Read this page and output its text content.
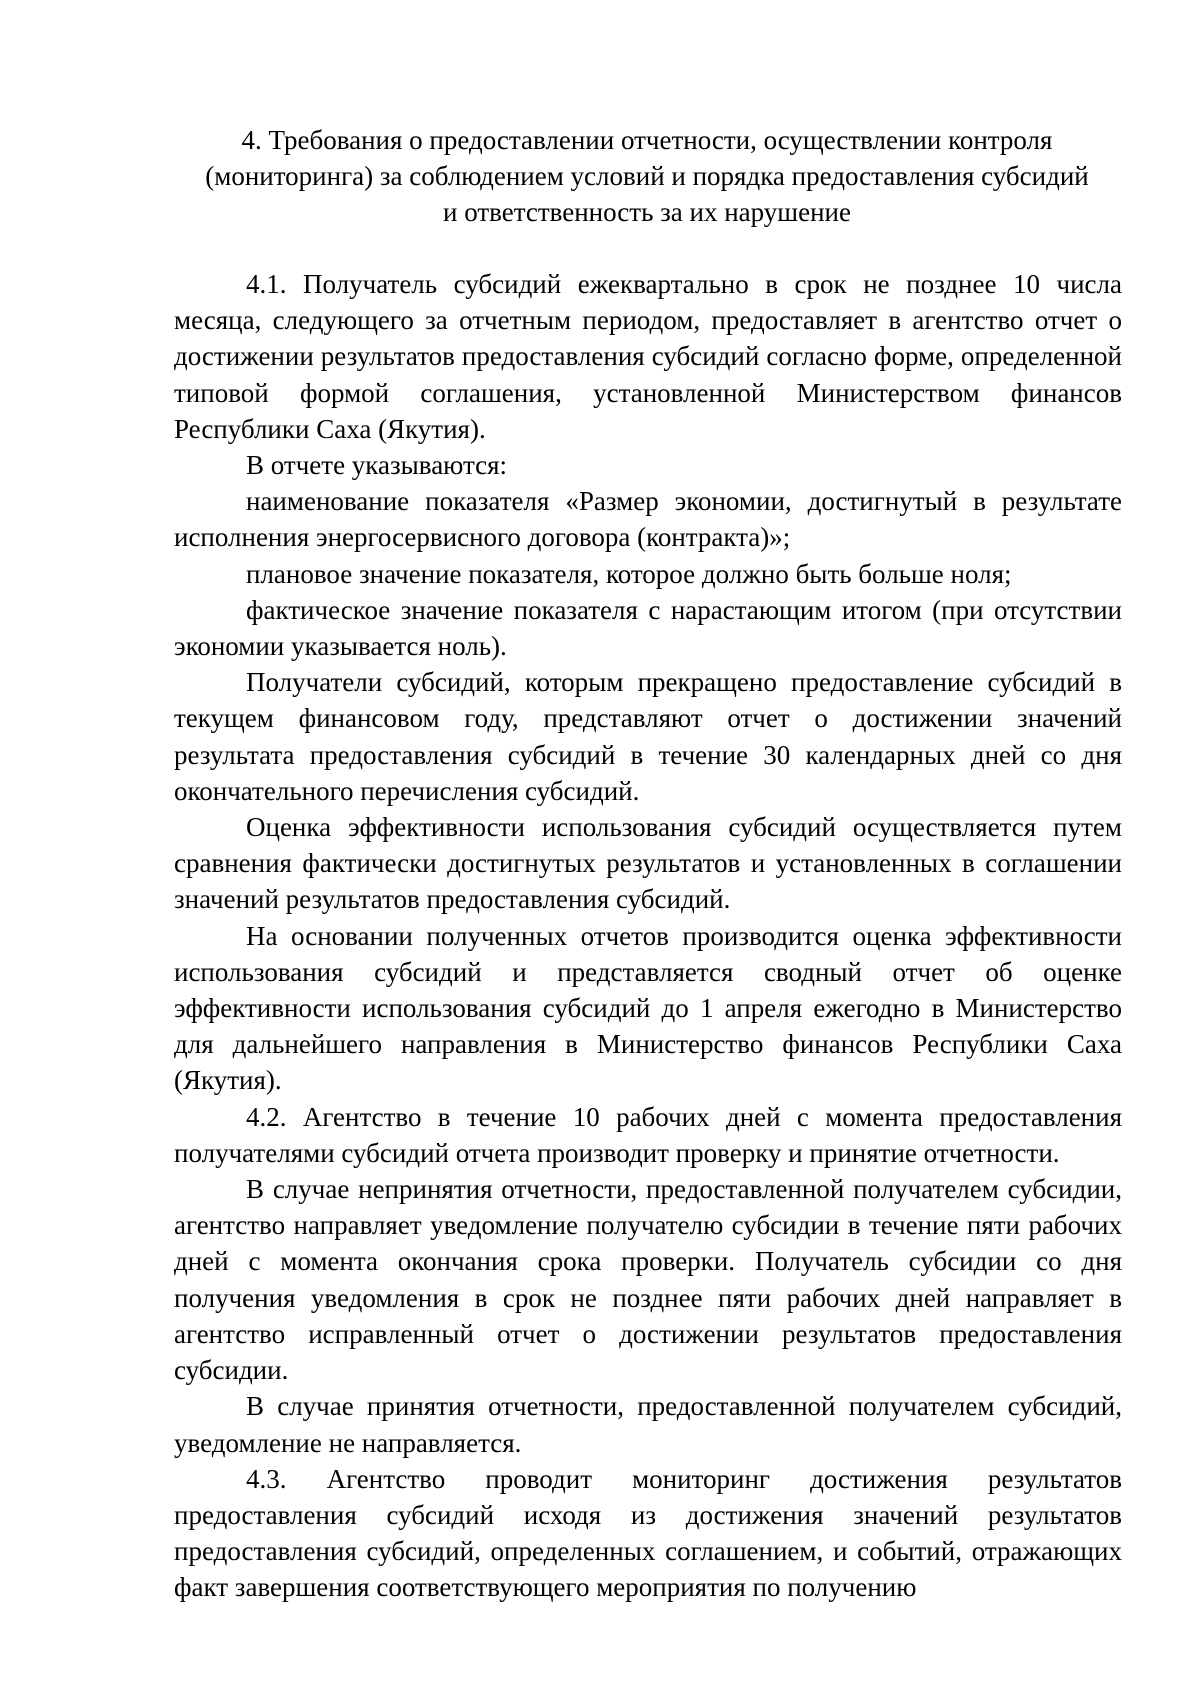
4. Требования о предоставлении отчетности, осуществлении контроля
(мониторинга) за соблюдением условий и порядка предоставления субсидий
и ответственность за их нарушение

4.1. Получатель субсидий ежеквартально в срок не позднее 10 числа месяца, следующего за отчетным периодом, предоставляет в агентство отчет о достижении результатов предоставления субсидий согласно форме, определенной типовой формой соглашения, установленной Министерством финансов Республики Саха (Якутия).

В отчете указываются:

наименование показателя «Размер экономии, достигнутый в результате исполнения энергосервисного договора (контракта)»;

плановое значение показателя, которое должно быть больше ноля;

фактическое значение показателя с нарастающим итогом (при отсутствии экономии указывается ноль).

Получатели субсидий, которым прекращено предоставление субсидий в текущем финансовом году, представляют отчет о достижении значений результата предоставления субсидий в течение 30 календарных дней со дня окончательного перечисления субсидий.

Оценка эффективности использования субсидий осуществляется путем сравнения фактически достигнутых результатов и установленных в соглашении значений результатов предоставления субсидий.

На основании полученных отчетов производится оценка эффективности использования субсидий и представляется сводный отчет об оценке эффективности использования субсидий до 1 апреля ежегодно в Министерство для дальнейшего направления в Министерство финансов Республики Саха (Якутия).

4.2. Агентство в течение 10 рабочих дней с момента предоставления получателями субсидий отчета производит проверку и принятие отчетности.

В случае непринятия отчетности, предоставленной получателем субсидии, агентство направляет уведомление получателю субсидии в течение пяти рабочих дней с момента окончания срока проверки. Получатель субсидии со дня получения уведомления в срок не позднее пяти рабочих дней направляет в агентство исправленный отчет о достижении результатов предоставления субсидии.

В случае принятия отчетности, предоставленной получателем субсидий, уведомление не направляется.

4.3. Агентство проводит мониторинг достижения результатов предоставления субсидий исходя из достижения значений результатов предоставления субсидий, определенных соглашением, и событий, отражающих факт завершения соответствующего мероприятия по получению
